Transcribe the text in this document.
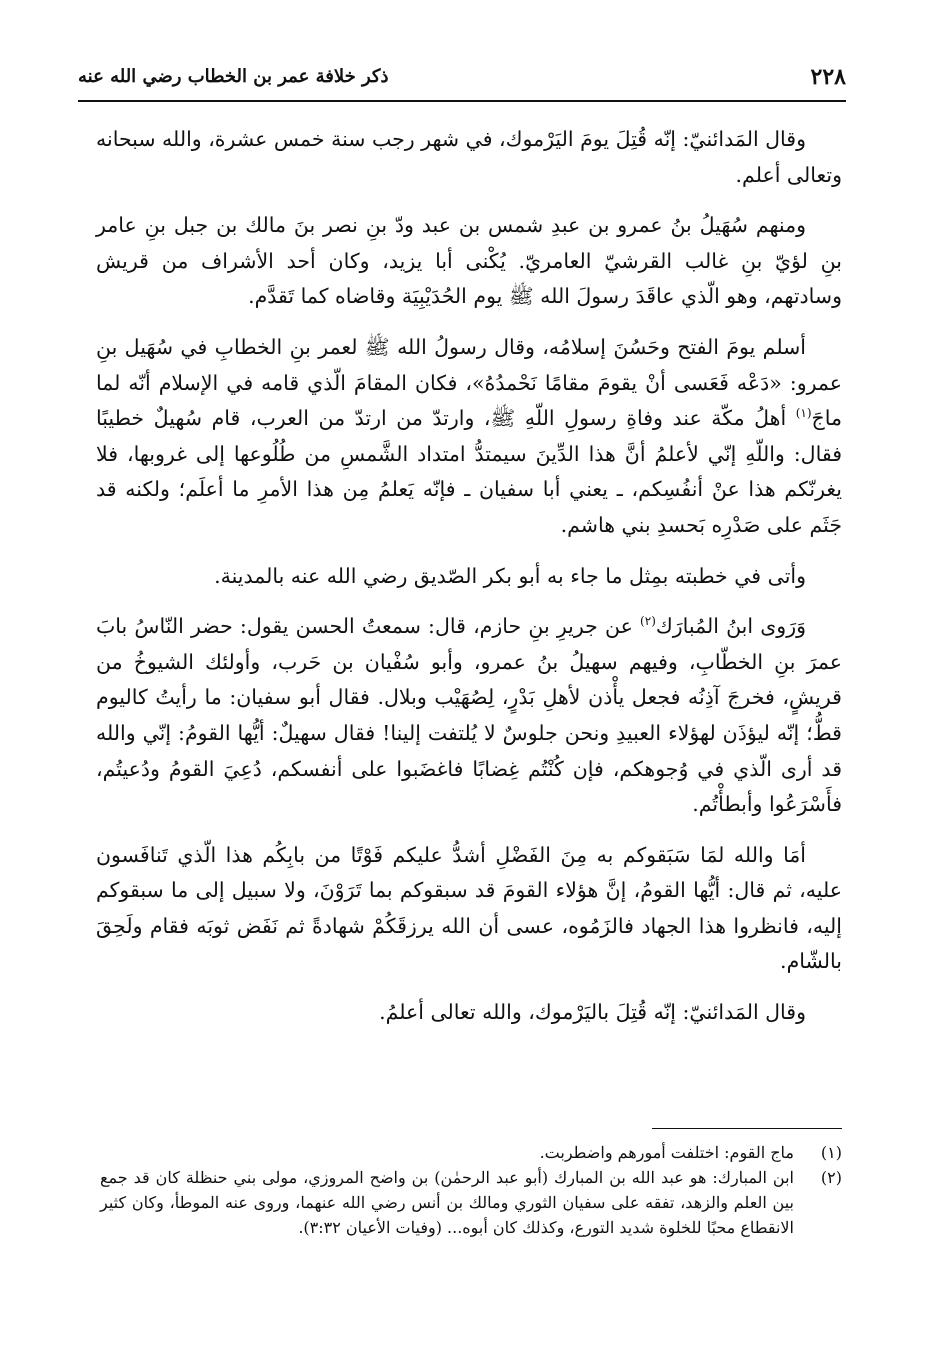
٢٢٨
ذكر خلافة عمر بن الخطاب رضي الله عنه

وقال المَدائنيّ: إنّه قُتِلَ يومَ اليَرْموك، في شهر رجب سنة خمس عشرة، والله سبحانه وتعالى أعلم.

ومنهم سُهَيلُ بنُ عمرو بن عبدِ شمس بن عبد ودّ بنِ نصر بنَ مالك بن جبل بنِ عامر بنِ لؤيّ بنِ غالب القرشيّ العامريّ. يُكْنى أبا يزيد، وكان أحد الأشراف من قريش وسادتهم، وهو الّذي عاقَدَ رسولَ الله ﷺ يوم الحُدَيْبِيَة وقاضاه كما تَقدَّم.

أسلم يومَ الفتح وحَسُنَ إسلامُه، وقال رسولُ الله ﷺ لعمر بنِ الخطابِ في سُهَيل بنِ عمرو: «دَعْه فَعَسى أنْ يقومَ مقامًا نَحْمدُهُ»، فكان المقامَ الّذي قامه في الإسلام أنّه لما ماجَ$^{(١)}$ أهلُ مكّة عند وفاةِ رسولِ اللّهِ ﷺ، وارتدّ من ارتدّ من العرب، قام سُهيلٌ خطيبًا فقال: واللّهِ إنّي لأعلمُ أنَّ هذا الدِّينَ سيمتدُّ امتداد الشَّمسِ من طُلُوعها إلى غروبها، فلا يغرنّكم هذا عنْ أنفُسِكم، ـ يعني أبا سفيان ـ فإنّه يَعلمُ مِن هذا الأمرِ ما أعلَم؛ ولكنه قد جَثَم على صَدْرِه بَحسدِ بني هاشم.

وأتى في خطبته بمِثل ما جاء به أبو بكر الصّديق رضي الله عنه بالمدينة.

وَرَوى ابنُ المُبارَك$^{(٢)}$ عن جريرِ بنِ حازم، قال: سمعتُ الحسن يقول: حضر النّاسُ بابَ عمرَ بنِ الخطّابِ، وفيهم سهيلُ بنُ عمرو، وأبو سُفْيان بن حَرب، وأولئك الشيوخُ من قريشٍ، فخرجَ آذِنُه فجعل يأْذن لأهلِ بَدْرٍ، لِصُهَيْب وبلال. فقال أبو سفيان: ما رأيتُ كاليوم قطُّ؛ إنّه ليؤذَن لهؤلاء العبيدِ ونحن جلوسٌ لا يُلتفت إلينا! فقال سهيلٌ: أيُّها القومُ: إنّي والله قد أرى الّذي في وُجوهكم، فإن كُنْتُم غِضابًا فاغضَبوا على أنفسكم، دُعِيَ القومُ ودُعيتُم، فأَسْرَعُوا وأبطأْتُم.

أمَا والله لمَا سَبَقوكم به مِنَ الفَضْلِ أشدُّ عليكم فَوْتًا من بابِكُم هذا الّذي تَنافَسون عليه، ثم قال: أيُّها القومُ، إنَّ هؤلاء القومَ قد سبقوكم بما تَرَوْنَ، ولا سبيل إلى ما سبقوكم إليه، فانظروا هذا الجهاد فالزَمُوه، عسى أن الله يرزقَكُمْ شهادةً ثم نَفَض ثوبَه فقام ولَحِقَ بالشّام.

وقال المَدائنيّ: إنّه قُتِلَ باليَرْموك، والله تعالى أعلمُ.

(١)
ماج القوم: اختلفت أمورهم واضطربت.
(٢)
ابن المبارك: هو عبد الله بن المبارك (أبو عبد الرحمٰن) بن واضح المروزي، مولى بني حنظلة كان قد جمع بين العلم والزهد، تفقه على سفيان الثوري ومالك بن أنس رضي الله عنهما، وروى عنه الموطأ، وكان كثير الانقطاع محبًا للخلوة شديد التورع، وكذلك كان أبوه... (وفيات الأعيان ٣:٣٢).
